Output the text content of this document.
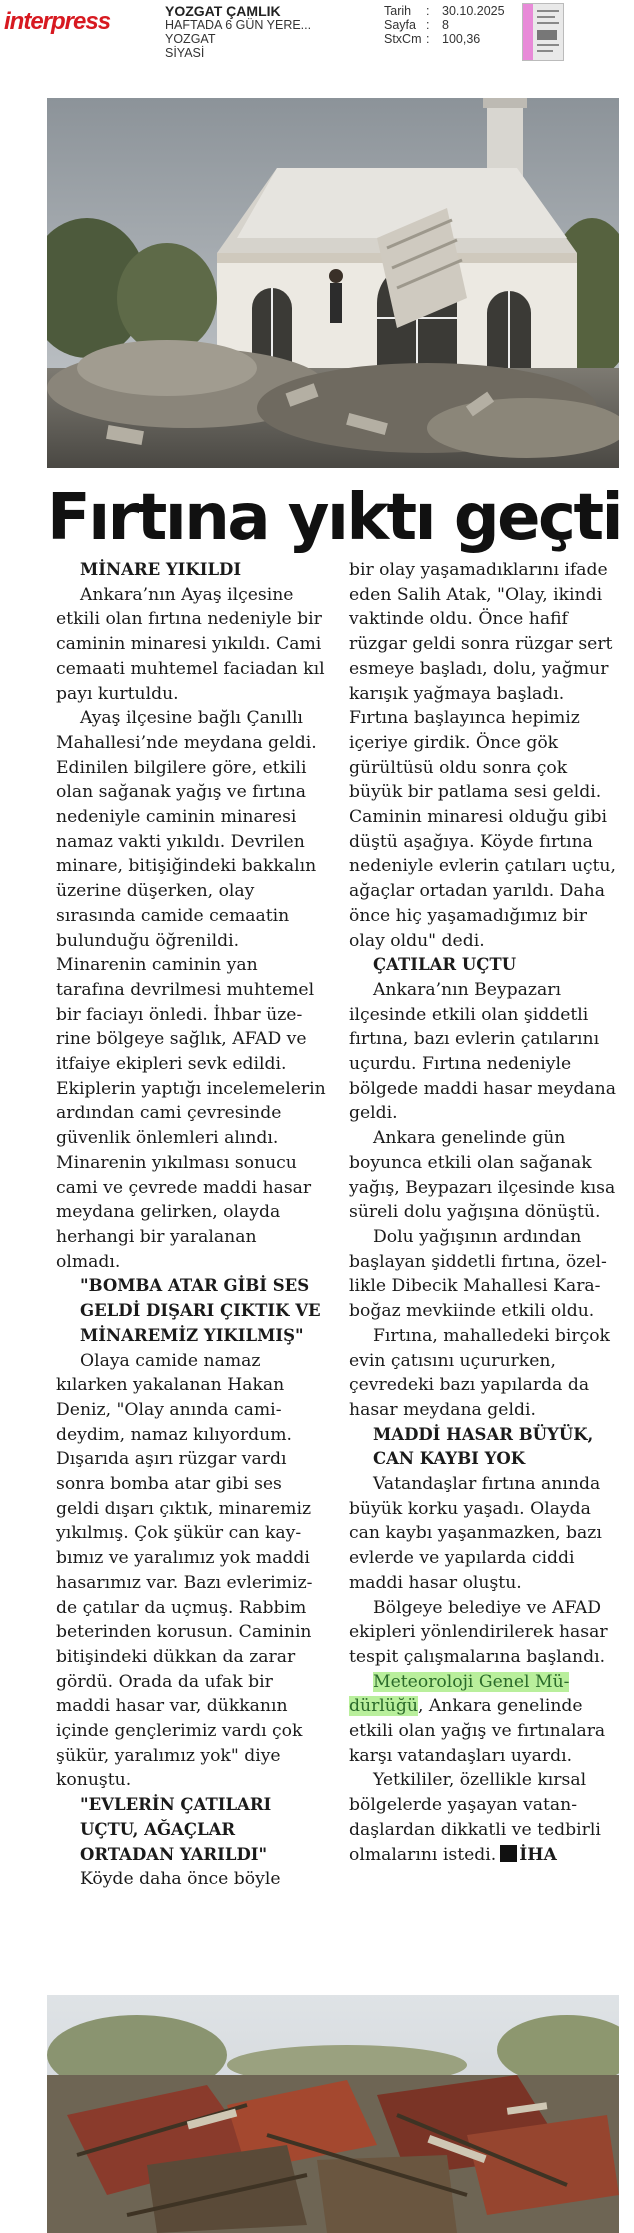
interpress	YOZGAT ÇAMLIK
HAFTADA 6 GÜN YERE...
YOZGAT
SİYASİ
Tarih : 30.10.2025
Sayfa : 8
StxCm : 100,36
Fırtına yıktı geçti

MİNARE YIKILDI

Ankara’nın Ayaş ilçesine etkili olan fırtına nedeniyle bir caminin minaresi yıkıldı. Cami cemaati muhtemel faciadan kıl payı kurtuldu.

Ayaş ilçesine bağlı Çanıllı Mahallesi’nde meydana geldi. Edinilen bilgilere göre, etkili olan sağanak yağış ve fırtına nedeniyle caminin minaresi namaz vakti yıkıldı. Devrilen minare, bitişiğindeki bakkalın üzerine düşerken, olay sırasında camide cemaatin bulunduğu öğrenildi. Minarenin caminin yan tarafına devrilmesi muhtemel bir faciayı önledi. İhbar üzerine bölgeye sağlık, AFAD ve itfaiye ekipleri sevk edildi. Ekiplerin yaptığı incelemelerin ardından cami çevresinde güvenlik önlemleri alındı. Minarenin yıkılması sonucu cami ve çevrede maddi hasar meydana gelirken, olayda herhangi bir yaralanan olmadı.

"BOMBA ATAR GİBİ SES GELDİ DIŞARI ÇIKTIK VE MİNAREMİZ YIKILMIŞ"

Olaya camide namaz kılarken yakalanan Hakan Deniz, "Olay anında camideydim, namaz kılıyordum. Dışarıda aşırı rüzgar vardı sonra bomba atar gibi ses geldi dışarı çıktık, minaremiz yıkılmış. Çok şükür can kaybımız ve yaralımız yok maddi hasarımız var. Bazı evlerimizde çatılar da uçmuş. Rabbim beterinden korusun. Caminin bitişindeki dükkan da zarar gördü. Orada da ufak bir maddi hasar var, dükkanın içinde gençlerimiz vardı çok şükür, yaralımız yok" diye konuştu.

"EVLERİN ÇATILARI UÇTU, AĞAÇLAR ORTADAN YARILDI"

Köyde daha önce böyle

bir olay yaşamadıklarını ifade eden Salih Atak, "Olay, ikindi vaktinde oldu. Önce hafif rüzgar geldi sonra rüzgar sert esmeye başladı, dolu, yağmur karışık yağmaya başladı. Fırtına başlayınca hepimiz içeriye girdik. Önce gök gürültüsü oldu sonra çok büyük bir patlama sesi geldi. Caminin minaresi olduğu gibi düştü aşağıya. Köyde fırtına nedeniyle evlerin çatıları uçtu, ağaçlar ortadan yarıldı. Daha önce hiç yaşamadığımız bir olay oldu" dedi.

ÇATILAR UÇTU

Ankara’nın Beypazarı ilçesinde etkili olan şiddetli fırtına, bazı evlerin çatılarını uçurdu. Fırtına nedeniyle bölgede maddi hasar meydana geldi.

Ankara genelinde gün boyunca etkili olan sağanak yağış, Beypazarı ilçesinde kısa süreli dolu yağışına dönüştü.

Dolu yağışının ardından başlayan şiddetli fırtına, özellikle Dibecik Mahallesi Karaboğaz mevkiinde etkili oldu.

Fırtına, mahalledeki birçok evin çatısını uçururken, çevredeki bazı yapılarda da hasar meydana geldi.

MADDİ HASAR BÜYÜK, CAN KAYBI YOK

Vatandaşlar fırtına anında büyük korku yaşadı. Olayda can kaybı yaşanmazken, bazı evlerde ve yapılarda ciddi maddi hasar oluştu.

Bölgeye belediye ve AFAD ekipleri yönlendirilerek hasar tespit çalışmalarına başlandı.

Meteoroloji Genel Müdürlüğü, Ankara genelinde etkili olan yağış ve fırtınalara karşı vatandaşları uyardı.

Yetkililer, özellikle kırsal bölgelerde yaşayan vatandaşlardan dikkatli ve tedbirli olmalarını istedi. İHA
